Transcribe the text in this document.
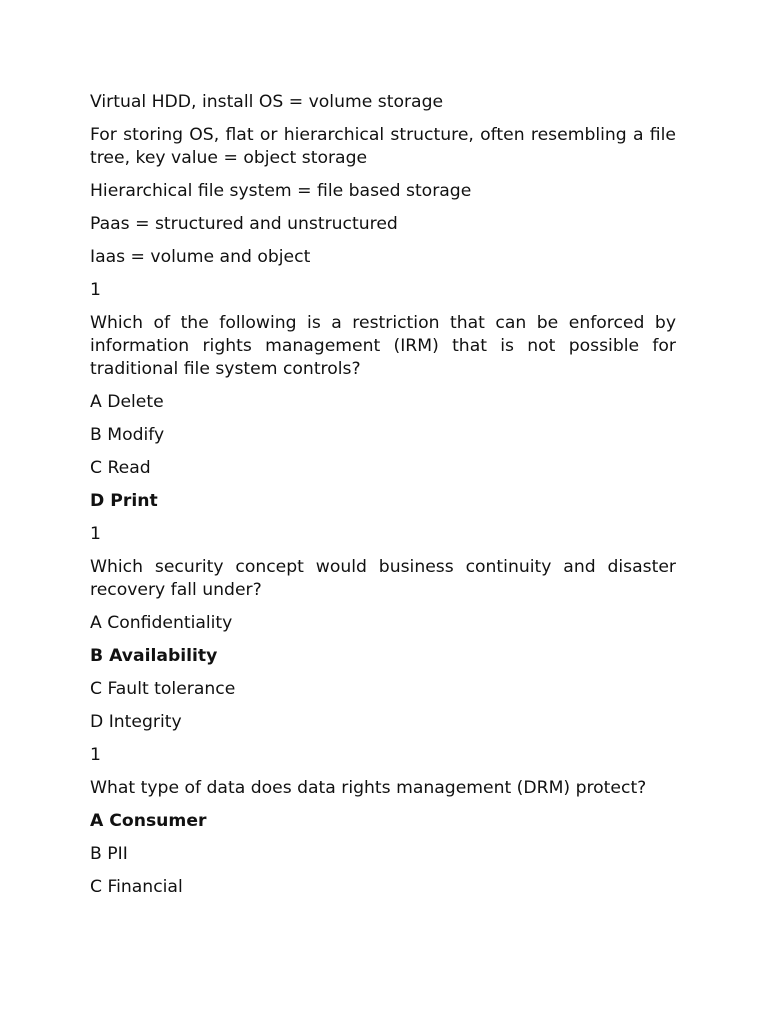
Virtual HDD, install OS = volume storage

For storing OS, flat or hierarchical structure, often resembling a file tree, key value = object storage

Hierarchical file system = file based storage

Paas = structured and unstructured

Iaas = volume and object

1

Which of the following is a restriction that can be enforced by information rights management (IRM) that is not possible for traditional file system controls?

A Delete

B Modify

C Read

D Print

1

Which security concept would business continuity and disaster recovery fall under?

A Confidentiality

B Availability

C Fault tolerance

D Integrity

1

What type of data does data rights management (DRM) protect?

A Consumer

B PII

C Financial
